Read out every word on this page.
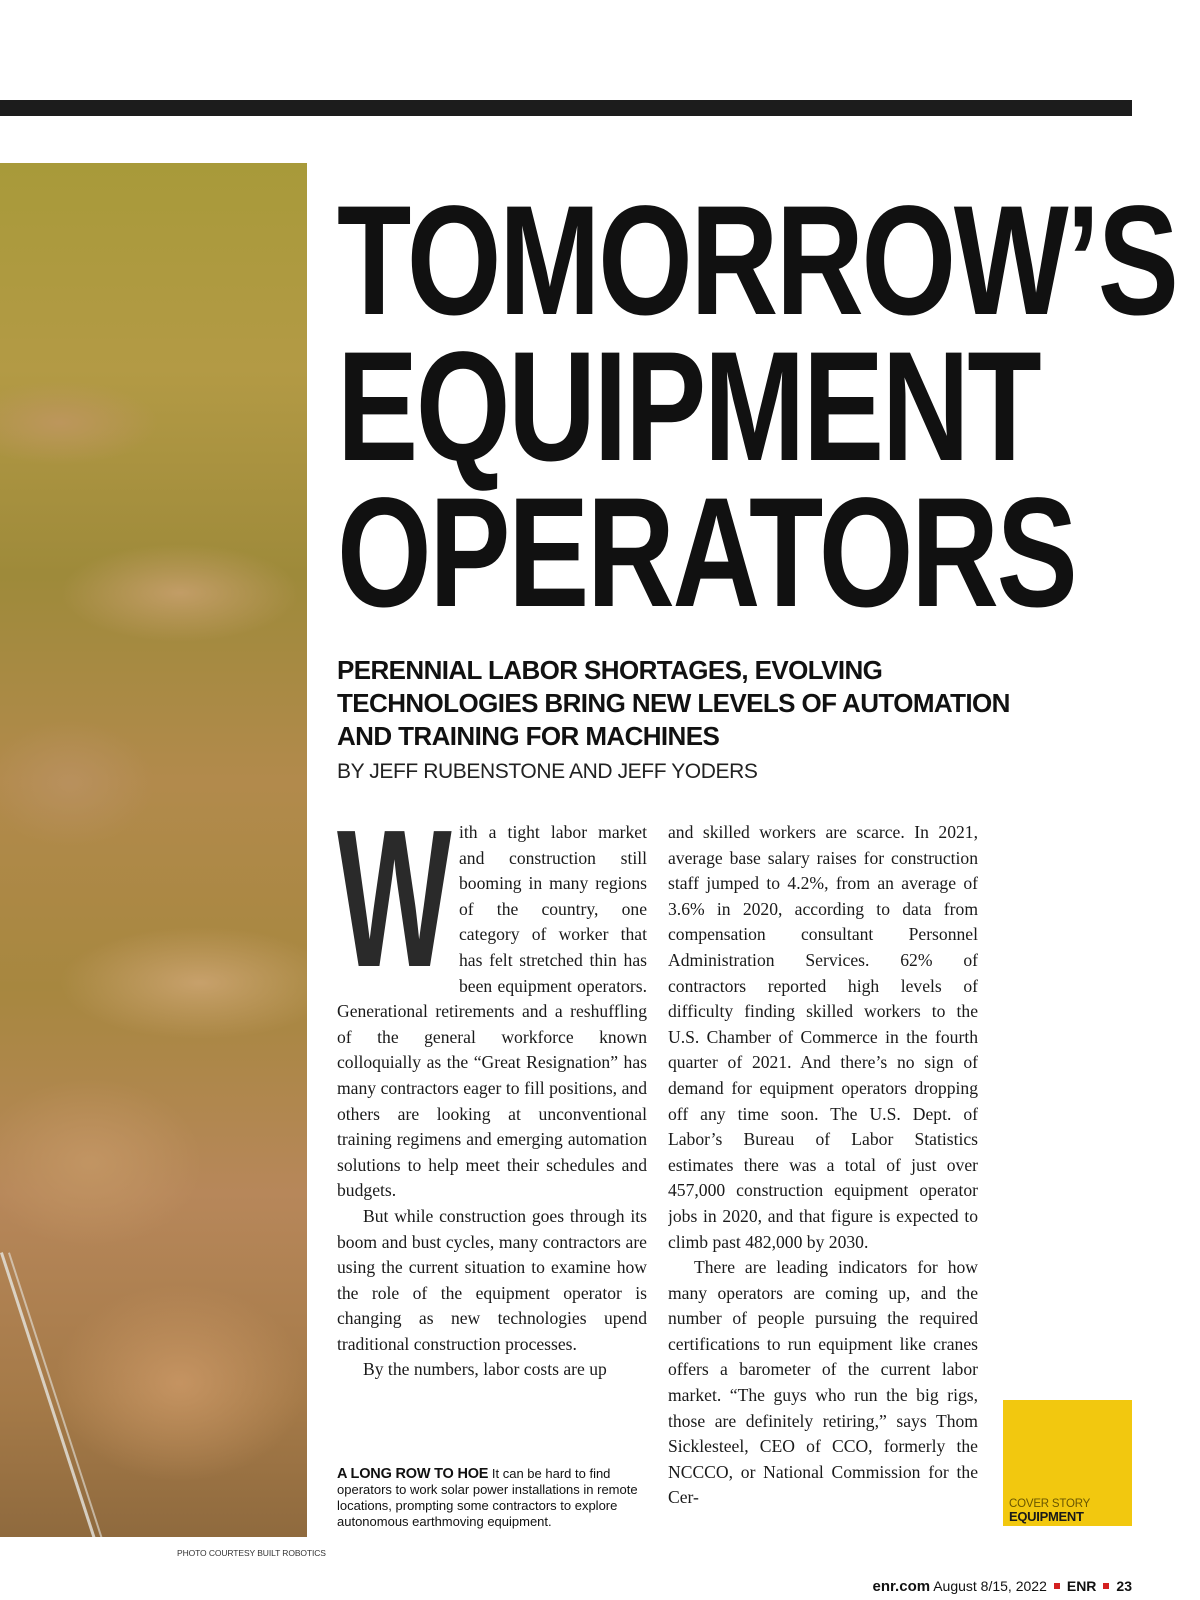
TOMORROW’S
EQUIPMENT
OPERATORS
PERENNIAL LABOR SHORTAGES, EVOLVING TECHNOLOGIES BRING NEW LEVELS OF AUTOMATION AND TRAINING FOR MACHINES
BY JEFF RUBENSTONE AND JEFF YODERS

With a tight labor market and construction still booming in many regions of the country, one category of worker that has felt stretched thin has been equipment operators. Generational retirements and a reshuffling of the general workforce known colloquially as the “Great Resignation” has many contractors eager to fill positions, and others are looking at unconventional training regimens and emerging automation solutions to help meet their schedules and budgets.

But while construction goes through its boom and bust cycles, many contractors are using the current situation to examine how the role of the equipment operator is changing as new technologies upend traditional construction processes.

By the numbers, labor costs are up

and skilled workers are scarce. In 2021, average base salary raises for construction staff jumped to 4.2%, from an average of 3.6% in 2020, according to data from compensation consultant Personnel Administration Services. 62% of contractors reported high levels of difficulty finding skilled workers to the U.S. Chamber of Commerce in the fourth quarter of 2021. And there’s no sign of demand for equipment operators dropping off any time soon. The U.S. Dept. of Labor’s Bureau of Labor Statistics estimates there was a total of just over 457,000 construction equipment operator jobs in 2020, and that figure is expected to climb past 482,000 by 2030.

There are leading indicators for how many operators are coming up, and the number of people pursuing the required certifications to run equipment like cranes offers a barometer of the current labor market. “The guys who run the big rigs, those are definitely retiring,” says Thom Sicklesteel, CEO of CCO, formerly the NCCCO, or National Commission for the Cer-

A LONG ROW TO HOE It can be hard to find operators to work solar power installations in remote locations, prompting some contractors to explore autonomous earthmoving equipment.
PHOTO COURTESY BUILT ROBOTICS
COVER STORY
EQUIPMENT
enr.com August 8/15, 2022 ENR 23
